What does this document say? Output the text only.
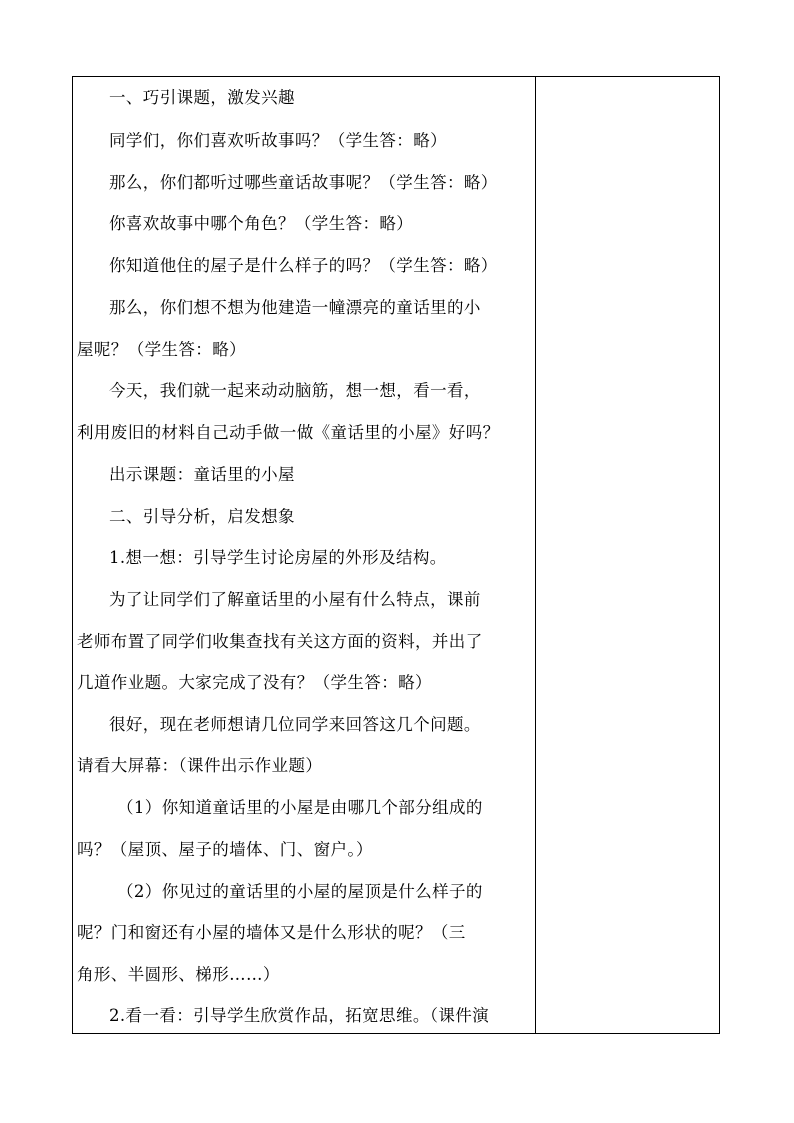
一、巧引课题，激发兴趣
同学们，你们喜欢听故事吗？（学生答：略）
那么，你们都听过哪些童话故事呢？（学生答：略）
你喜欢故事中哪个角色？（学生答：略）
你知道他住的屋子是什么样子的吗？（学生答：略）
那么，你们想不想为他建造一幢漂亮的童话里的小
屋呢？（学生答：略）
今天，我们就一起来动动脑筋，想一想，看一看，
利用废旧的材料自己动手做一做《童话里的小屋》好吗？
出示课题：童话里的小屋
二、引导分析，启发想象
1.想一想：引导学生讨论房屋的外形及结构。
为了让同学们了解童话里的小屋有什么特点，课前
老师布置了同学们收集查找有关这方面的资料，并出了
几道作业题。大家完成了没有？（学生答：略）
很好，现在老师想请几位同学来回答这几个问题。
请看大屏幕：（课件出示作业题）
（1）你知道童话里的小屋是由哪几个部分组成的
吗？（屋顶、屋子的墙体、门、窗户。）
（2）你见过的童话里的小屋的屋顶是什么样子的
呢？门和窗还有小屋的墙体又是什么形状的呢？（三
角形、半圆形、梯形……）
2.看一看：引导学生欣赏作品，拓宽思维。（课件演
